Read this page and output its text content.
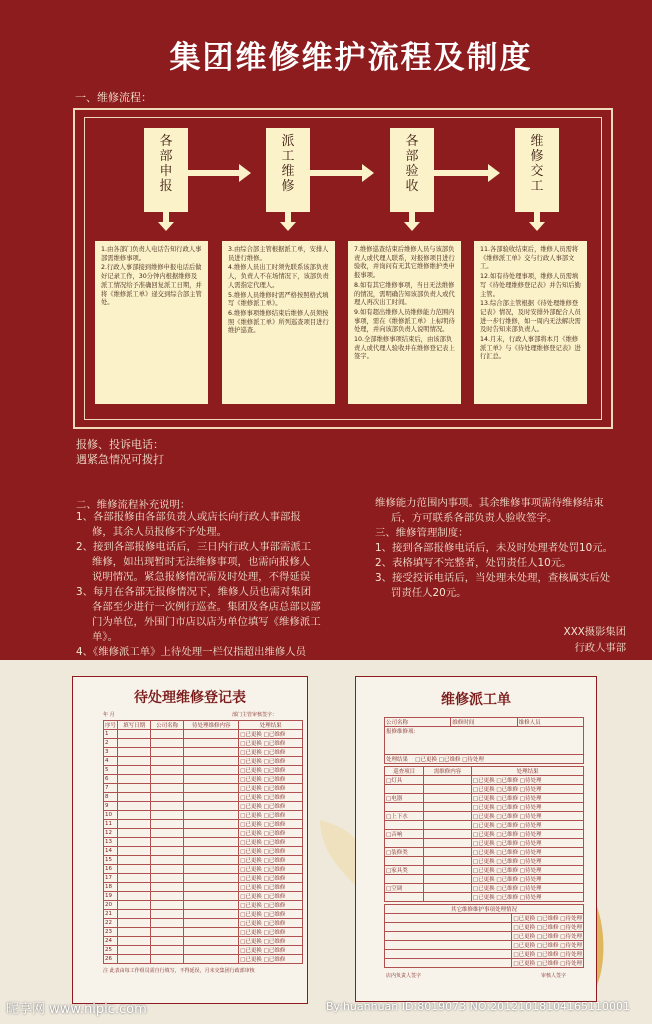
集团维修维护流程及制度
一、维修流程：
各
部
申
报
派
工
维
修
各
部
验
收
维
修
交
工

1.由各部门负责人电话告知行政人事部需维修事项。

2.行政人事部接到维修申报电话后做好记录工作，30分钟内根据维修及派工情况给予准确回复派工日期，并将《维修派工单》递交到综合部主管处。

3.由综合部主管根据派工单，安排人员进行维修。

4.维修人员出工时须先联系该部负责人，负责人不在场情况下，该部负责人需指定代理人。

5.维修人员维修时需严格按照格式填写《维修派工单》。

6.维修事项维修结束后维修人员须按照《维修派工单》所列巡查项目进行维护巡查。

7.维修巡查结束后维修人员与该部负责人或代理人联系，对报修项目进行验收，并询问有无其它维修维护类申报事项。

8.如有其它维修事项，当日无法维修的情况，需明确告知该部负责人或代理人再次出工时间。

9.如有超出维修人员维修能力范围内事项，需在《维修派工单》上标明待处理，并向该部负责人说明情况。

10.全部维修事项结束后，由该部负责人或代理人验收并在维修登记表上签字。

11.各部验收结束后，维修人员需将《维修派工单》交与行政人事部文工。

12.如有待处理事项，维修人员需填写《待处理维修登记表》并告知后勤主管。

13.综合部主管根据《待处理维修登记表》情况，及时安排外部配合人员进一步行维修，如一周内无法解决需及时告知来部负责人。

14.月末，行政人事部将本月《维修派工单》与《待处理维修登记表》进行汇总。

报修、投诉电话：
遇紧急情况可拨打
二、维修流程补充说明：

1、各部报修由各部负责人或店长向行政人事部报

修，其余人员报修不予处理。

2、接到各部报修电话后，三日内行政人事部需派工

维修，如出现暂时无法维修事项，也需向报修人

说明情况。紧急报修情况需及时处理，不得延误

3、每月在各部无报修情况下，维修人员也需对集团

各部至少进行一次例行巡查。集团及各店总部以部

门为单位，外围门市店以店为单位填写《维修派工

单》。

4、《维修派工单》上待处理一栏仅指超出维修人员

维修能力范围内事项。其余维修事项需待维修结束

后，方可联系各部负责人验收签字。

三、维修管理制度：

1、接到各部报修电话后，未及时处理者处罚10元。

2、表格填写不完整者，处罚责任人10元。

3、接受投诉电话后，当处理未处理，查核属实后处

罚责任人20元。

XXX摄影集团
行政人事部
待处理维修登记表
年 月	部门主管审核签字：
序号	填写日期	公司名称	待处理维修内容	处理结果
1				□已更换 □已维修
2				□已更换 □已维修
3				□已更换 □已维修
4				□已更换 □已维修
5				□已更换 □已维修
6				□已更换 □已维修
7				□已更换 □已维修
8				□已更换 □已维修
9				□已更换 □已维修
10				□已更换 □已维修
11				□已更换 □已维修
12				□已更换 □已维修
13				□已更换 □已维修
14				□已更换 □已维修
15				□已更换 □已维修
16				□已更换 □已维修
17				□已更换 □已维修
18				□已更换 □已维修
19				□已更换 □已维修
20				□已更换 □已维修
21				□已更换 □已维修
22				□已更换 □已维修
23				□已更换 □已维修
24				□已更换 □已维修
25				□已更换 □已维修
26				□已更换 □已维修
注 此表由每工作组员需自行填写，不得延误，月末交集团行政部审核
维修派工单
公司名称	维修时间	维修人员
报修维修项：
处理结果　 □已更换 □已维修 □待处理
巡查项目	需维修内容	处理结果
□灯具		□已更换 □已维修 □待处理
		□已更换 □已维修 □待处理
□电器		□已更换 □已维修 □待处理
		□已更换 □已维修 □待处理
□上下水		□已更换 □已维修 □待处理
		□已更换 □已维修 □待处理
□音响		□已更换 □已维修 □待处理
		□已更换 □已维修 □待处理
□装修类		□已更换 □已维修 □待处理
		□已更换 □已维修 □待处理
□家具类		□已更换 □已维修 □待处理
		□已更换 □已维修 □待处理
□空调		□已更换 □已维修 □待处理
		□已更换 □已维修 □待处理
其它维修维护事项处理情况	
	□已更换 □已维修 □待处理
	□已更换 □已维修 □待处理
	□已更换 □已维修 □待处理
	□已更换 □已维修 □待处理
	□已更换 □已维修 □待处理
	□已更换 □已维修 □待处理
店内负责人签字	审核人签字
昵享网 www.nipic.com	By:huanhuan ID:8019073 NO:20121018104165110001
